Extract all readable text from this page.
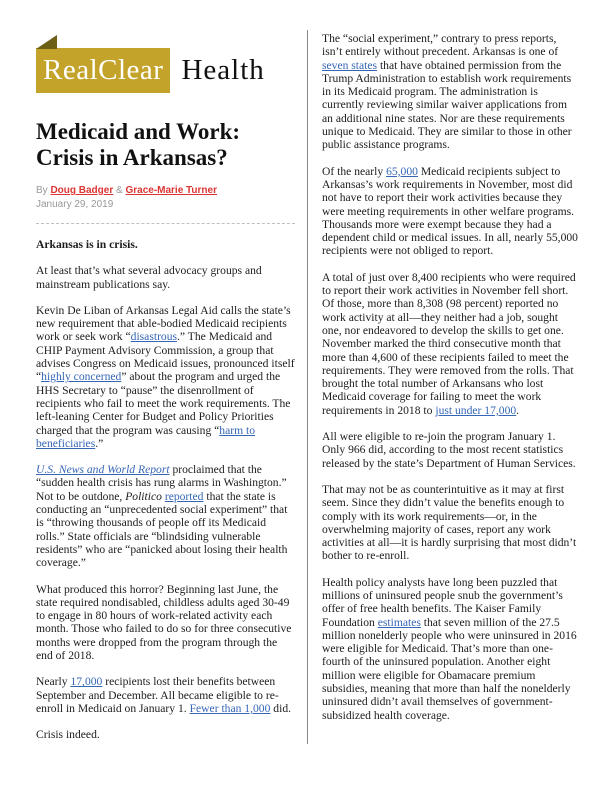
RealClear Health
Medicaid and Work:
Crisis in Arkansas?
By Doug Badger & Grace-Marie Turner
January 29, 2019

Arkansas is in crisis.

At least that’s what several advocacy groups and mainstream publications say.

Kevin De Liban of Arkansas Legal Aid calls the state’s new requirement that able-bodied Medicaid recipients work or seek work “disastrous.” The Medicaid and CHIP Payment Advisory Commission, a group that advises Congress on Medicaid issues, pronounced itself “highly concerned” about the program and urged the HHS Secretary to “pause” the disenrollment of recipients who fail to meet the work requirements. The left-leaning Center for Budget and Policy Priorities charged that the program was causing “harm to beneficiaries.”

U.S. News and World Report proclaimed that the “sudden health crisis has rung alarms in Washington.” Not to be outdone, Politico reported that the state is conducting an “unprecedented social experiment” that is “throwing thousands of people off its Medicaid rolls.” State officials are “blindsiding vulnerable residents” who are “panicked about losing their health coverage.”

What produced this horror? Beginning last June, the state required nondisabled, childless adults aged 30-49 to engage in 80 hours of work-related activity each month. Those who failed to do so for three consecutive months were dropped from the program through the end of 2018.

Nearly 17,000 recipients lost their benefits between September and December. All became eligible to re-enroll in Medicaid on January 1. Fewer than 1,000 did.

Crisis indeed.

The “social experiment,” contrary to press reports, isn’t entirely without precedent. Arkansas is one of seven states that have obtained permission from the Trump Administration to establish work requirements in its Medicaid program. The administration is currently reviewing similar waiver applications from an additional nine states. Nor are these requirements unique to Medicaid. They are similar to those in other public assistance programs.

Of the nearly 65,000 Medicaid recipients subject to Arkansas’s work requirements in November, most did not have to report their work activities because they were meeting requirements in other welfare programs. Thousands more were exempt because they had a dependent child or medical issues. In all, nearly 55,000 recipients were not obliged to report.

A total of just over 8,400 recipients who were required to report their work activities in November fell short. Of those, more than 8,308 (98 percent) reported no work activity at all—they neither had a job, sought one, nor endeavored to develop the skills to get one. November marked the third consecutive month that more than 4,600 of these recipients failed to meet the requirements. They were removed from the rolls. That brought the total number of Arkansans who lost Medicaid coverage for failing to meet the work requirements in 2018 to just under 17,000.

All were eligible to re-join the program January 1. Only 966 did, according to the most recent statistics released by the state’s Department of Human Services.

That may not be as counterintuitive as it may at first seem. Since they didn’t value the benefits enough to comply with its work requirements—or, in the overwhelming majority of cases, report any work activities at all—it is hardly surprising that most didn’t bother to re-enroll.

Health policy analysts have long been puzzled that millions of uninsured people snub the government’s offer of free health benefits. The Kaiser Family Foundation estimates that seven million of the 27.5 million nonelderly people who were uninsured in 2016 were eligible for Medicaid. That’s more than one-fourth of the uninsured population. Another eight million were eligible for Obamacare premium subsidies, meaning that more than half the nonelderly uninsured didn’t avail themselves of government-subsidized health coverage.
